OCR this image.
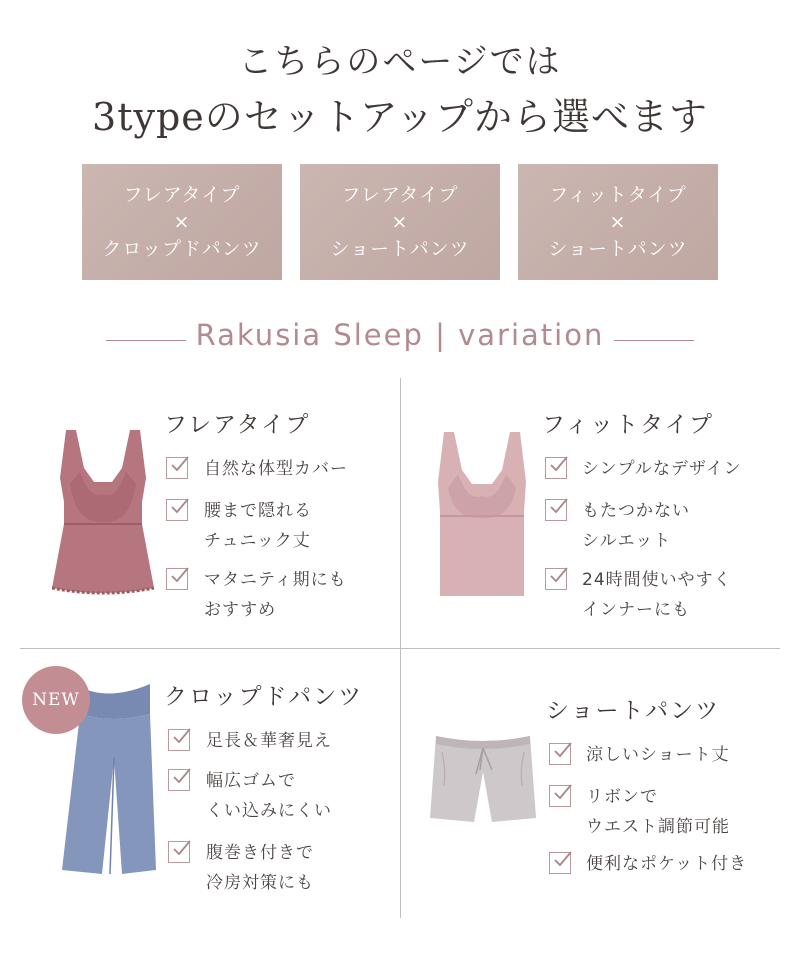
こちらのページでは
3typeのセットアップから選べます
フレアタイプ
×
クロップドパンツ
フレアタイプ
×
ショートパンツ
フィットタイプ
×
ショートパンツ
Rakusia Sleep | variation
フレアタイプ
自然な体型カバー
腰まで隠れる
チュニック丈
マタニティ期にも
おすすめ
フィットタイプ
シンプルなデザイン
もたつかない
シルエット
24時間使いやすく
インナーにも
NEW	クロップドパンツ
足長＆華奢見え
幅広ゴムで
くい込みにくい
腹巻き付きで
冷房対策にも
ショートパンツ
涼しいショート丈
リボンで
ウエスト調節可能
便利なポケット付き
